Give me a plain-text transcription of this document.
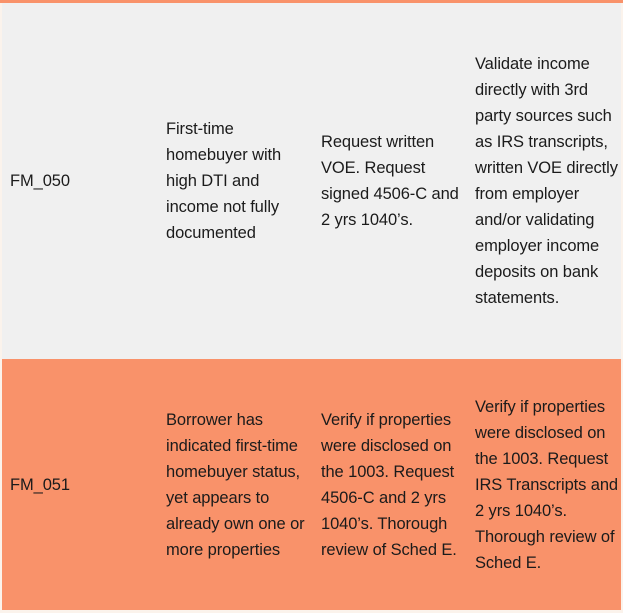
FM_050
First-time homebuyer with high DTI and income not fully documented
Request written VOE. Request signed 4506-C and 2 yrs 1040’s.
Validate income directly with 3rd party sources such as IRS transcripts, written VOE directly from employer and/or validating employer income deposits on bank statements.
FM_051
Borrower has indicated first-time homebuyer status, yet appears to already own one or more properties
Verify if properties were disclosed on the 1003. Request 4506-C and 2 yrs 1040’s. Thorough review of Sched E.
Verify if properties were disclosed on the 1003. Request IRS Transcripts and 2 yrs 1040’s. Thorough review of Sched E.
